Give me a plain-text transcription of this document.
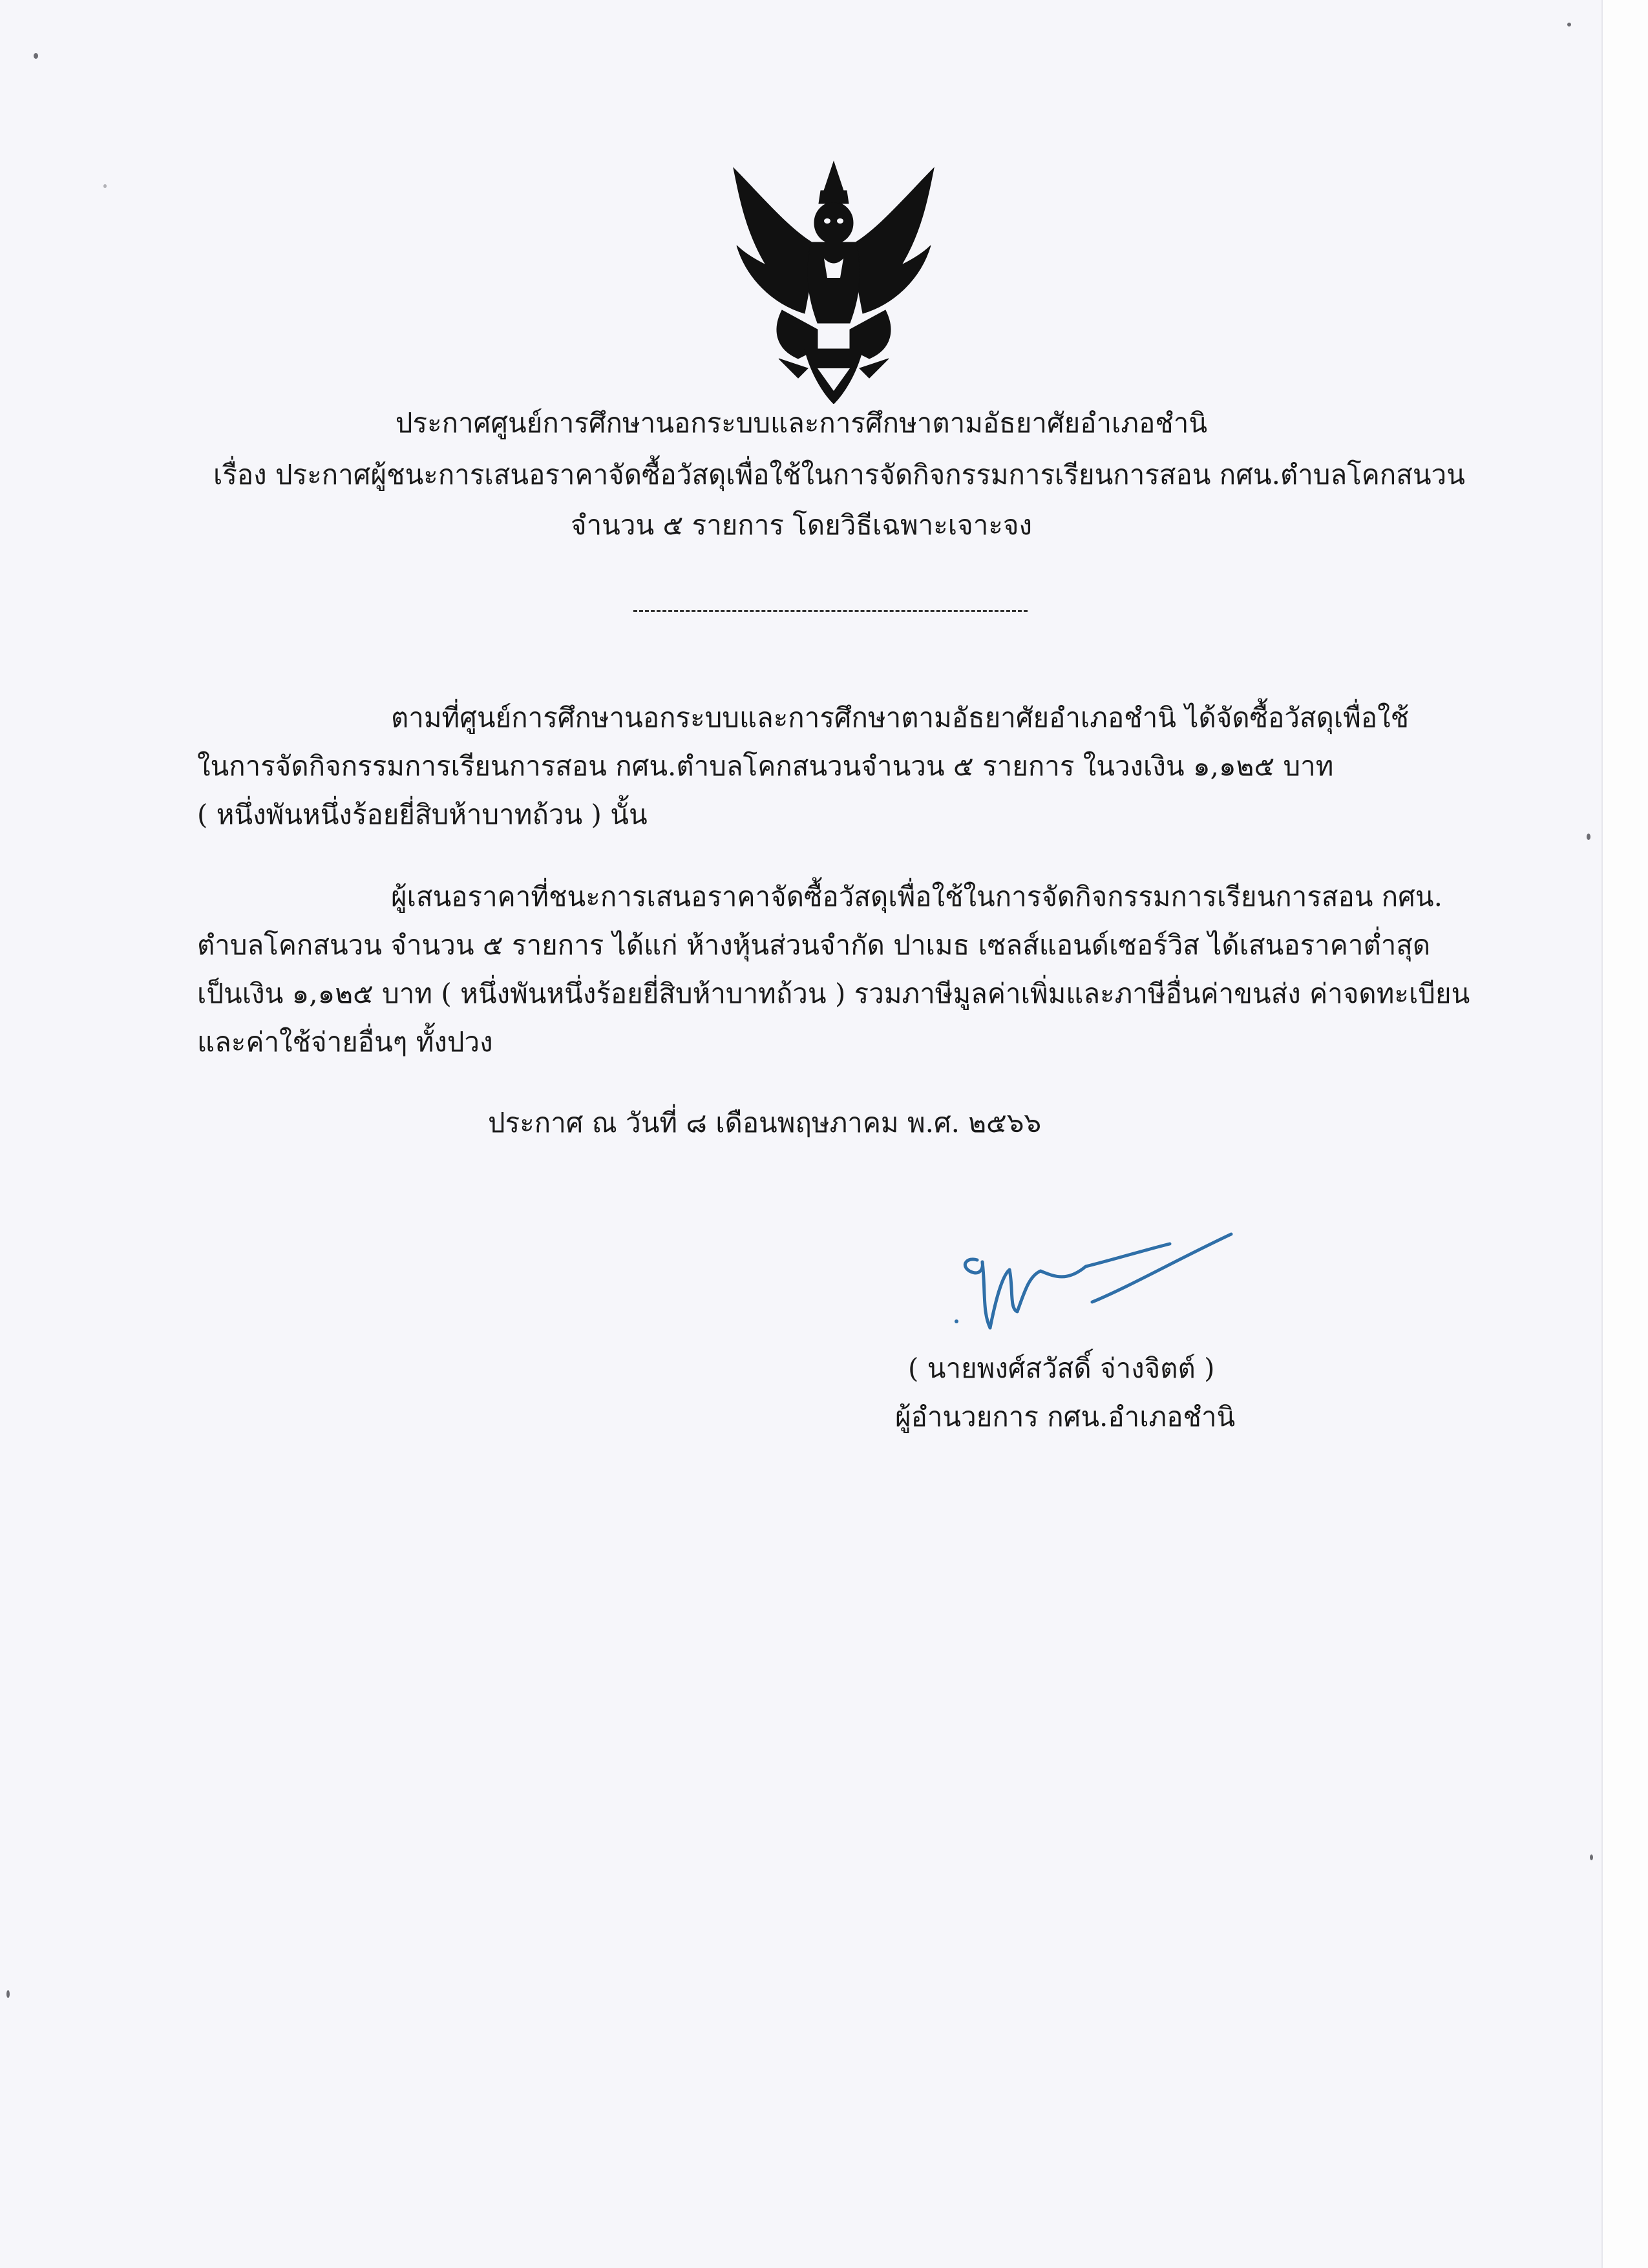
ประกาศศูนย์การศึกษานอกระบบและการศึกษาตามอัธยาศัยอำเภอชำนิ
เรื่อง ประกาศผู้ชนะการเสนอราคาจัดซื้อวัสดุเพื่อใช้ในการจัดกิจกรรมการเรียนการสอน กศน.ตำบลโคกสนวน
จำนวน ๕ รายการ โดยวิธีเฉพาะเจาะจง
ตามที่ศูนย์การศึกษานอกระบบและการศึกษาตามอัธยาศัยอำเภอชำนิ ได้จัดซื้อวัสดุเพื่อใช้
ในการจัดกิจกรรมการเรียนการสอน กศน.ตำบลโคกสนวนจำนวน ๕ รายการ ในวงเงิน ๑,๑๒๕ บาท
( หนึ่งพันหนึ่งร้อยยี่สิบห้าบาทถ้วน ) นั้น
ผู้เสนอราคาที่ชนะการเสนอราคาจัดซื้อวัสดุเพื่อใช้ในการจัดกิจกรรมการเรียนการสอน กศน.
ตำบลโคกสนวน จำนวน ๕ รายการ ได้แก่ ห้างหุ้นส่วนจำกัด ปาเมธ เซลส์แอนด์เซอร์วิส ได้เสนอราคาต่ำสุด
เป็นเงิน ๑,๑๒๕ บาท ( หนึ่งพันหนึ่งร้อยยี่สิบห้าบาทถ้วน ) รวมภาษีมูลค่าเพิ่มและภาษีอื่นค่าขนส่ง ค่าจดทะเบียน
และค่าใช้จ่ายอื่นๆ ทั้งปวง
ประกาศ ณ วันที่ ๘ เดือนพฤษภาคม พ.ศ. ๒๕๖๖
( นายพงศ์สวัสดิ์ จ่างจิตต์ )
ผู้อำนวยการ กศน.อำเภอชำนิ
